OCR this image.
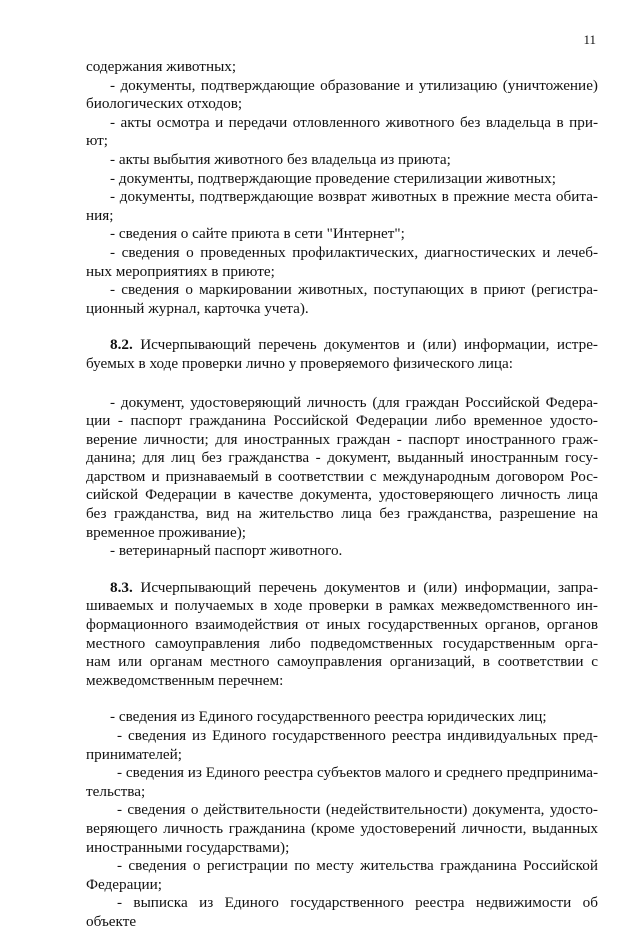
11
содержания животных;
- документы, подтверждающие образование и утилизацию (уничтожение)
биологических отходов;
- акты осмотра и передачи отловленного животного без владельца в при-
ют;
- акты выбытия животного без владельца из приюта;
- документы, подтверждающие проведение стерилизации животных;
- документы, подтверждающие возврат животных в прежние места обита-
ния;
- сведения о сайте приюта в сети "Интернет";
- сведения о проведенных профилактических, диагностических и лечеб-
ных мероприятиях в приюте;
- сведения о маркировании животных, поступающих в приют (регистра-
ционный журнал, карточка учета).
8.2. Исчерпывающий перечень документов и (или) информации, истре-
буемых в ходе проверки лично у проверяемого физического лица:
- документ, удостоверяющий личность (для граждан Российской Федера-
ции - паспорт гражданина Российской Федерации либо временное удосто-
верение личности; для иностранных граждан - паспорт иностранного граж-
данина; для лиц без гражданства - документ, выданный иностранным госу-
дарством и признаваемый в соответствии с международным договором Рос-
сийской Федерации в качестве документа, удостоверяющего личность лица
без гражданства, вид на жительство лица без гражданства, разрешение на
временное проживание);
- ветеринарный паспорт животного.
8.3. Исчерпывающий перечень документов и (или) информации, запра-
шиваемых и получаемых в ходе проверки в рамках межведомственного ин-
формационного взаимодействия от иных государственных органов, органов
местного самоуправления либо подведомственных государственным орга-
нам или органам местного самоуправления организаций, в соответствии с
межведомственным перечнем:
- сведения из Единого государственного реестра юридических лиц;
- сведения из Единого государственного реестра индивидуальных пред-
принимателей;
- сведения из Единого реестра субъектов малого и среднего предпринима-
тельства;
- сведения о действительности (недействительности) документа, удосто-
веряющего личность гражданина (кроме удостоверений личности, выданных
иностранными государствами);
- сведения о регистрации по месту жительства гражданина Российской
Федерации;
- выписка из Единого государственного реестра недвижимости об объекте
